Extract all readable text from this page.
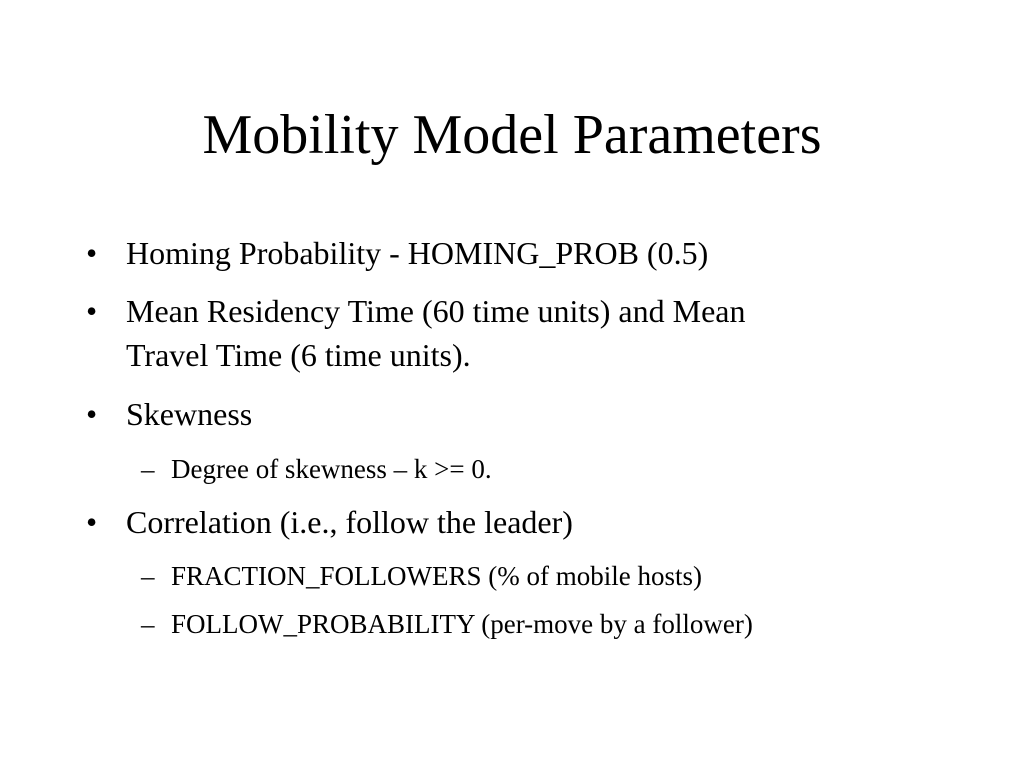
Mobility Model Parameters
• Homing Probability - HOMING_PROB (0.5)
• Mean Residency Time (60 time units) and Mean
Travel Time (6 time units).
• Skewness
– Degree of skewness – k >= 0.
• Correlation (i.e., follow the leader)
– FRACTION_FOLLOWERS (% of mobile hosts)
– FOLLOW_PROBABILITY (per-move by a follower)
